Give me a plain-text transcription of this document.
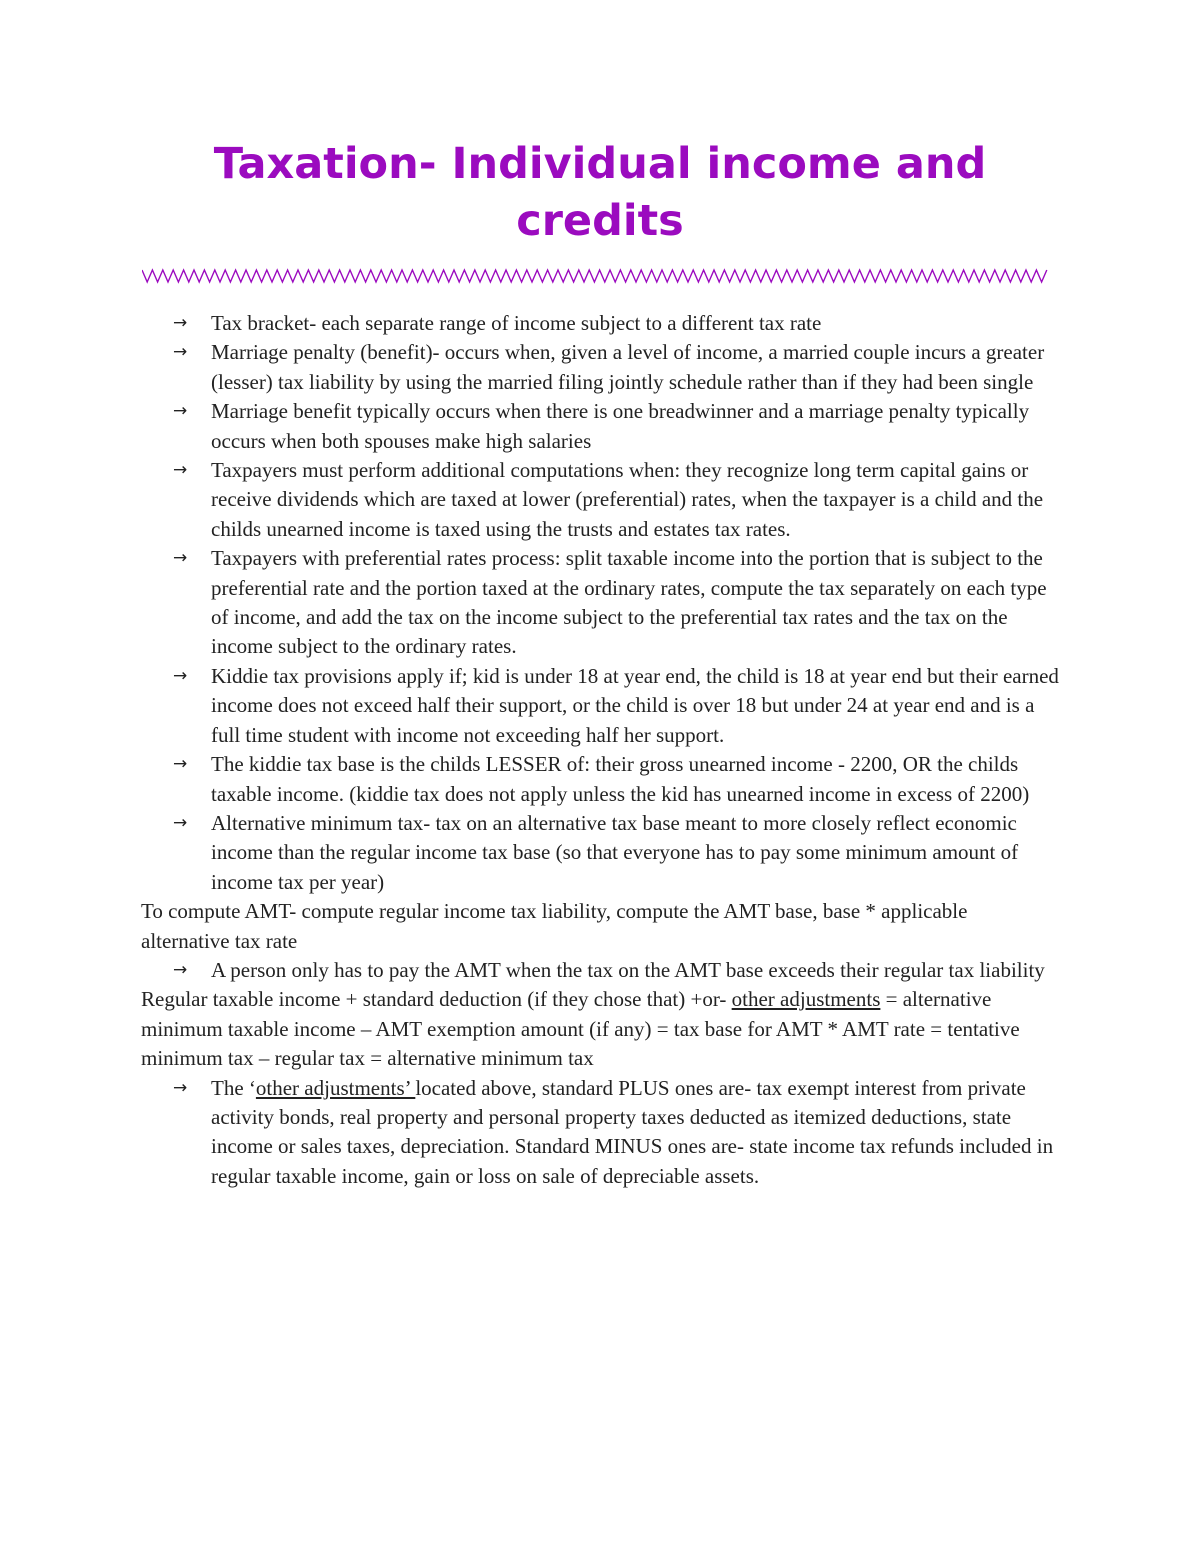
Taxation- Individual income and credits
→ Tax bracket- each separate range of income subject to a different tax rate
→ Marriage penalty (benefit)- occurs when, given a level of income, a married couple incurs a greater (lesser) tax liability by using the married filing jointly schedule rather than if they had been single
→ Marriage benefit typically occurs when there is one breadwinner and a marriage penalty typically occurs when both spouses make high salaries
→ Taxpayers must perform additional computations when: they recognize long term capital gains or receive dividends which are taxed at lower (preferential) rates, when the taxpayer is a child and the childs unearned income is taxed using the trusts and estates tax rates.
→ Taxpayers with preferential rates process: split taxable income into the portion that is subject to the preferential rate and the portion taxed at the ordinary rates, compute the tax separately on each type of income, and add the tax on the income subject to the preferential tax rates and the tax on the income subject to the ordinary rates.
→ Kiddie tax provisions apply if; kid is under 18 at year end, the child is 18 at year end but their earned income does not exceed half their support, or the child is over 18 but under 24 at year end and is a full time student with income not exceeding half her support.
→ The kiddie tax base is the childs LESSER of: their gross unearned income - 2200, OR the childs taxable income. (kiddie tax does not apply unless the kid has unearned income in excess of 2200)
→ Alternative minimum tax- tax on an alternative tax base meant to more closely reflect economic income than the regular income tax base (so that everyone has to pay some minimum amount of income tax per year)

To compute AMT- compute regular income tax liability, compute the AMT base, base * applicable alternative tax rate

→ A person only has to pay the AMT when the tax on the AMT base exceeds their regular tax liability

Regular taxable income + standard deduction (if they chose that) +or- other adjustments = alternative minimum taxable income – AMT exemption amount (if any) = tax base for AMT * AMT rate = tentative minimum tax – regular tax = alternative minimum tax

→ The ‘other adjustments’ located above, standard PLUS ones are- tax exempt interest from private activity bonds, real property and personal property taxes deducted as itemized deductions, state income or sales taxes, depreciation. Standard MINUS ones are- state income tax refunds included in regular taxable income, gain or loss on sale of depreciable assets.
